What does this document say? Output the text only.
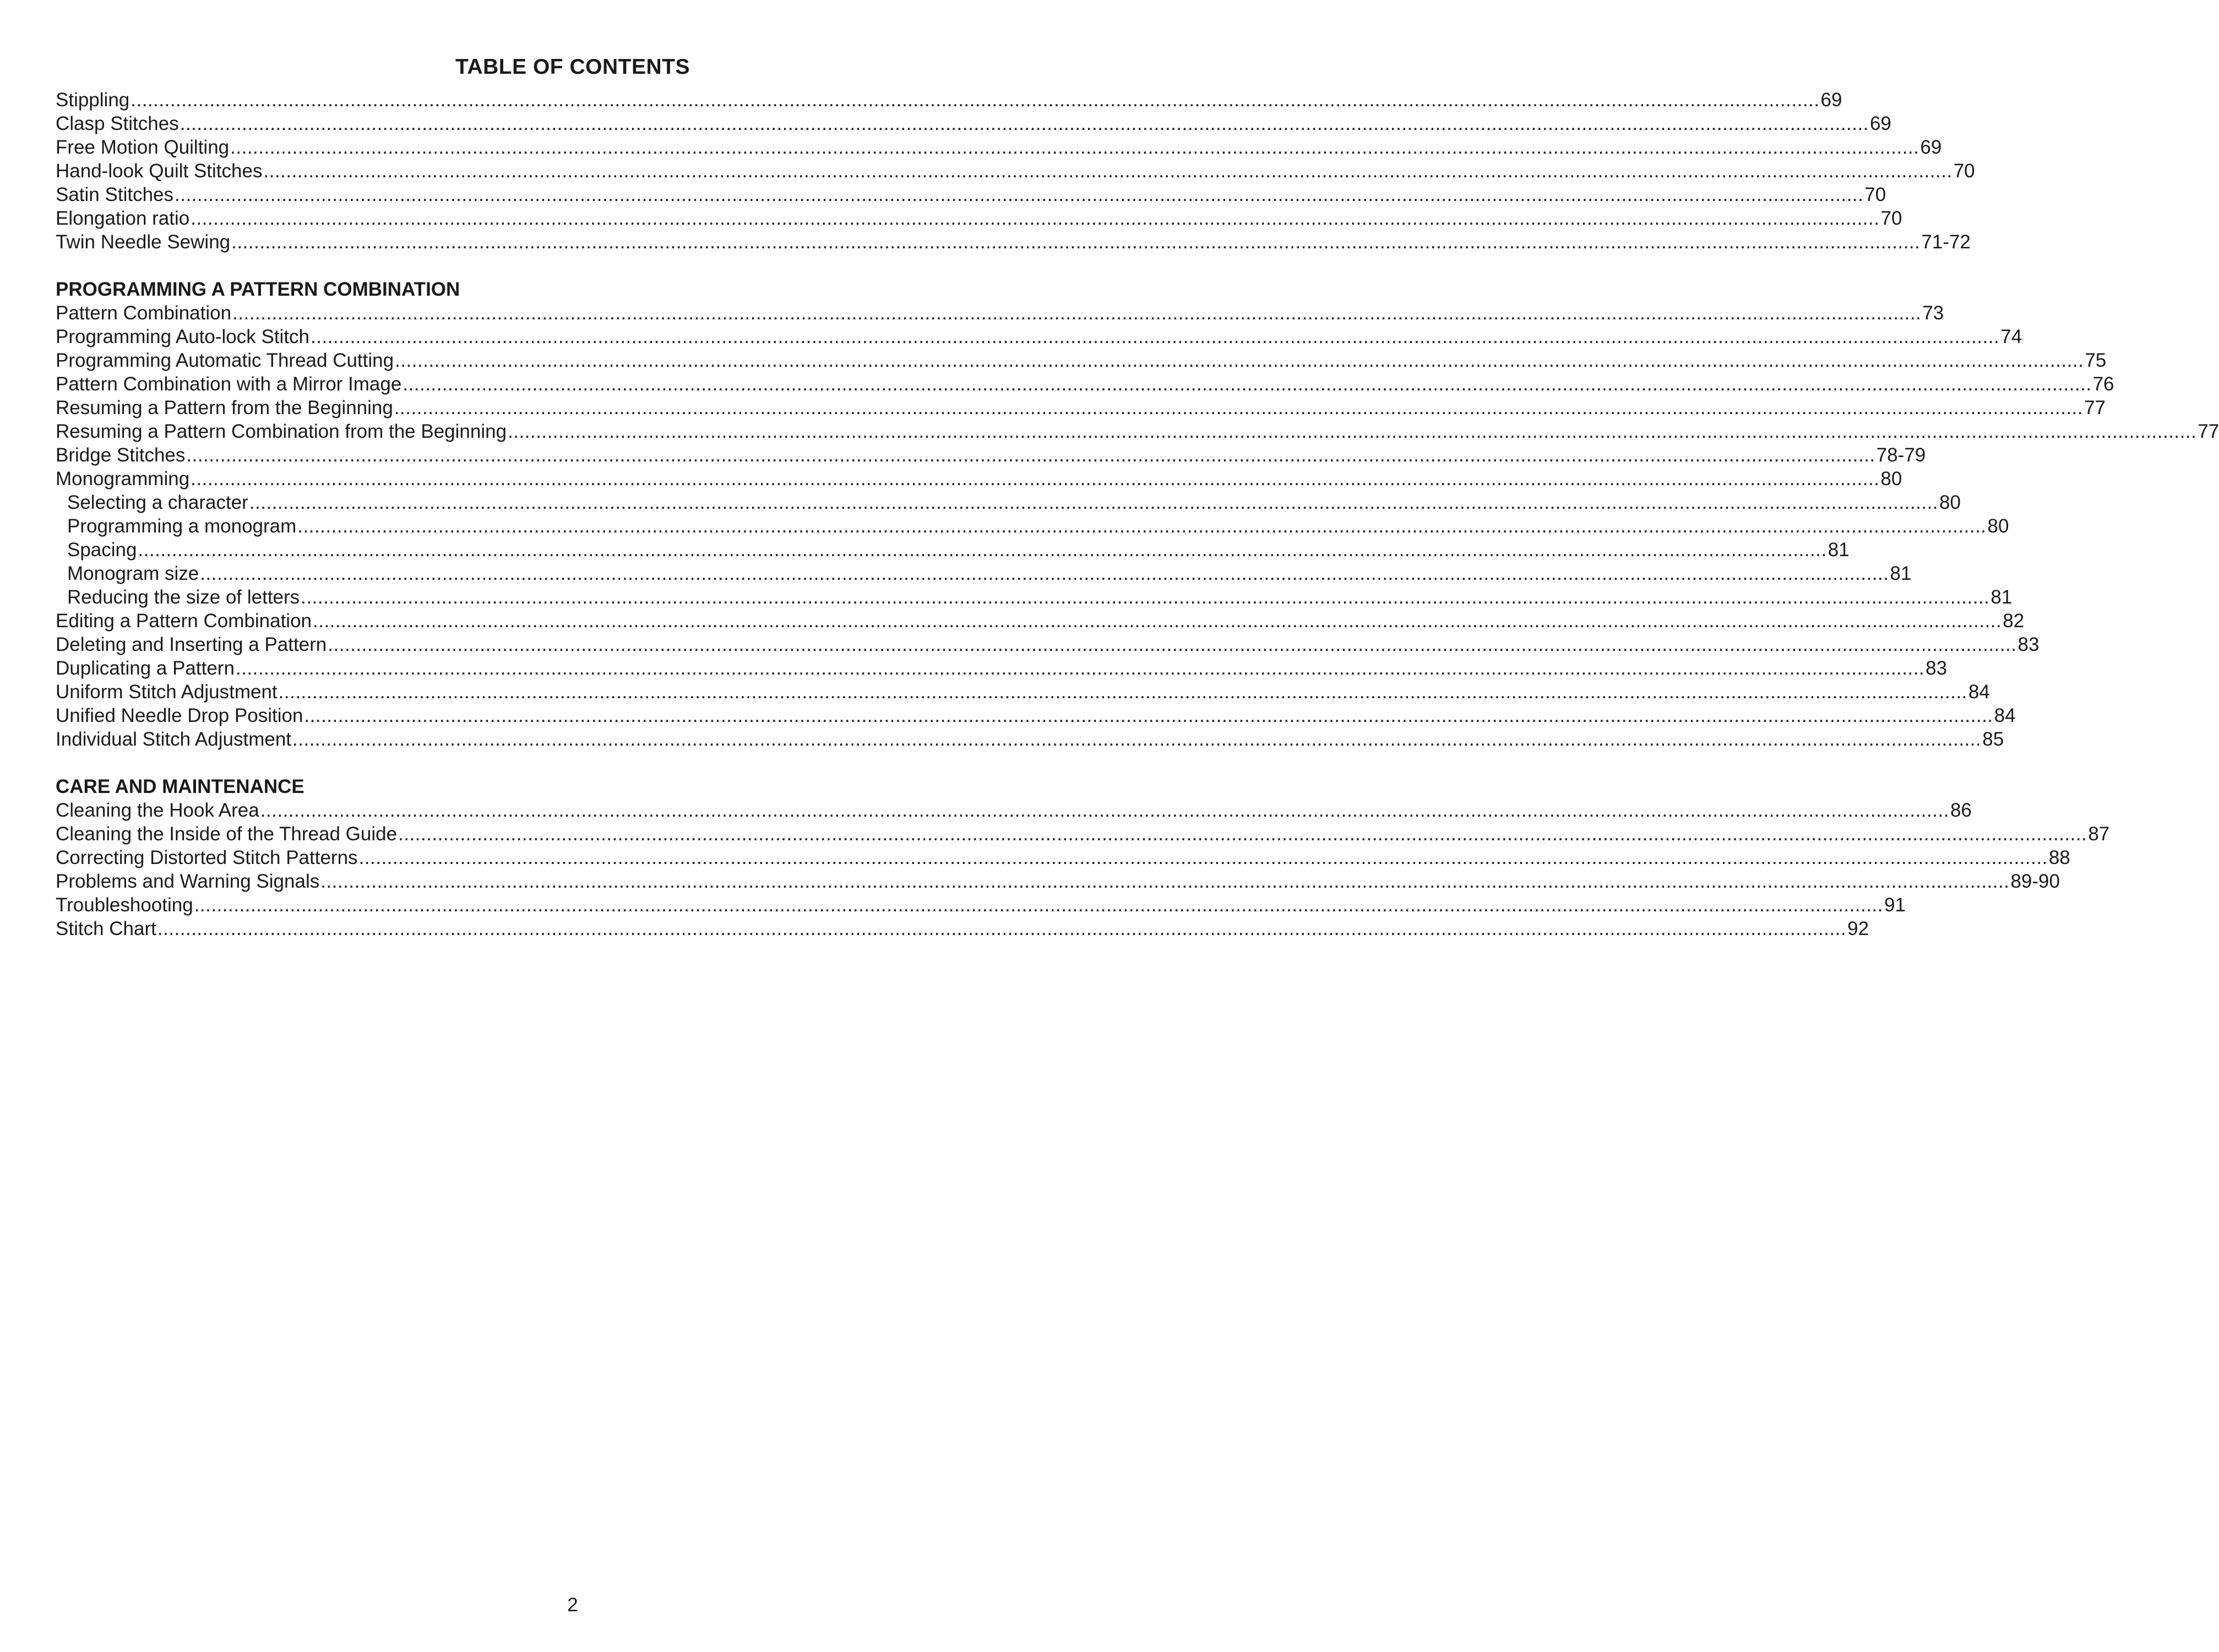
TABLE OF CONTENTS
Stippling ............................................................................................................................................................................................................................................................................................................ 69
Clasp Stitches ............................................................................................................................................................................................................................................................................................................ 69
Free Motion Quilting ............................................................................................................................................................................................................................................................................................................ 69
Hand-look Quilt Stitches ............................................................................................................................................................................................................................................................................................................ 70
Satin Stitches ............................................................................................................................................................................................................................................................................................................ 70
Elongation ratio ............................................................................................................................................................................................................................................................................................................ 70
Twin Needle Sewing ............................................................................................................................................................................................................................................................................................................ 71-72
PROGRAMMING A PATTERN COMBINATION
Pattern Combination ............................................................................................................................................................................................................................................................................................................ 73
Programming Auto-lock Stitch ............................................................................................................................................................................................................................................................................................................ 74
Programming Automatic Thread Cutting ............................................................................................................................................................................................................................................................................................................ 75
Pattern Combination with a Mirror Image ............................................................................................................................................................................................................................................................................................................ 76
Resuming a Pattern from the Beginning ............................................................................................................................................................................................................................................................................................................ 77
Resuming a Pattern Combination from the Beginning ............................................................................................................................................................................................................................................................................................................ 77
Bridge Stitches ............................................................................................................................................................................................................................................................................................................ 78-79
Monogramming ............................................................................................................................................................................................................................................................................................................ 80
Selecting a character ............................................................................................................................................................................................................................................................................................................ 80
Programming a monogram ............................................................................................................................................................................................................................................................................................................ 80
Spacing ............................................................................................................................................................................................................................................................................................................ 81
Monogram size ............................................................................................................................................................................................................................................................................................................ 81
Reducing the size of letters ............................................................................................................................................................................................................................................................................................................ 81
Editing a Pattern Combination ............................................................................................................................................................................................................................................................................................................ 82
Deleting and Inserting a Pattern ............................................................................................................................................................................................................................................................................................................ 83
Duplicating a Pattern ............................................................................................................................................................................................................................................................................................................ 83
Uniform Stitch Adjustment ............................................................................................................................................................................................................................................................................................................ 84
Unified Needle Drop Position ............................................................................................................................................................................................................................................................................................................ 84
Individual Stitch Adjustment ............................................................................................................................................................................................................................................................................................................ 85
CARE AND MAINTENANCE
Cleaning the Hook Area ............................................................................................................................................................................................................................................................................................................ 86
Cleaning the Inside of the Thread Guide ............................................................................................................................................................................................................................................................................................................ 87
Correcting Distorted Stitch Patterns ............................................................................................................................................................................................................................................................................................................ 88
Problems and Warning Signals ............................................................................................................................................................................................................................................................................................................ 89-90
Troubleshooting ............................................................................................................................................................................................................................................................................................................ 91
Stitch Chart ............................................................................................................................................................................................................................................................................................................ 92
2
